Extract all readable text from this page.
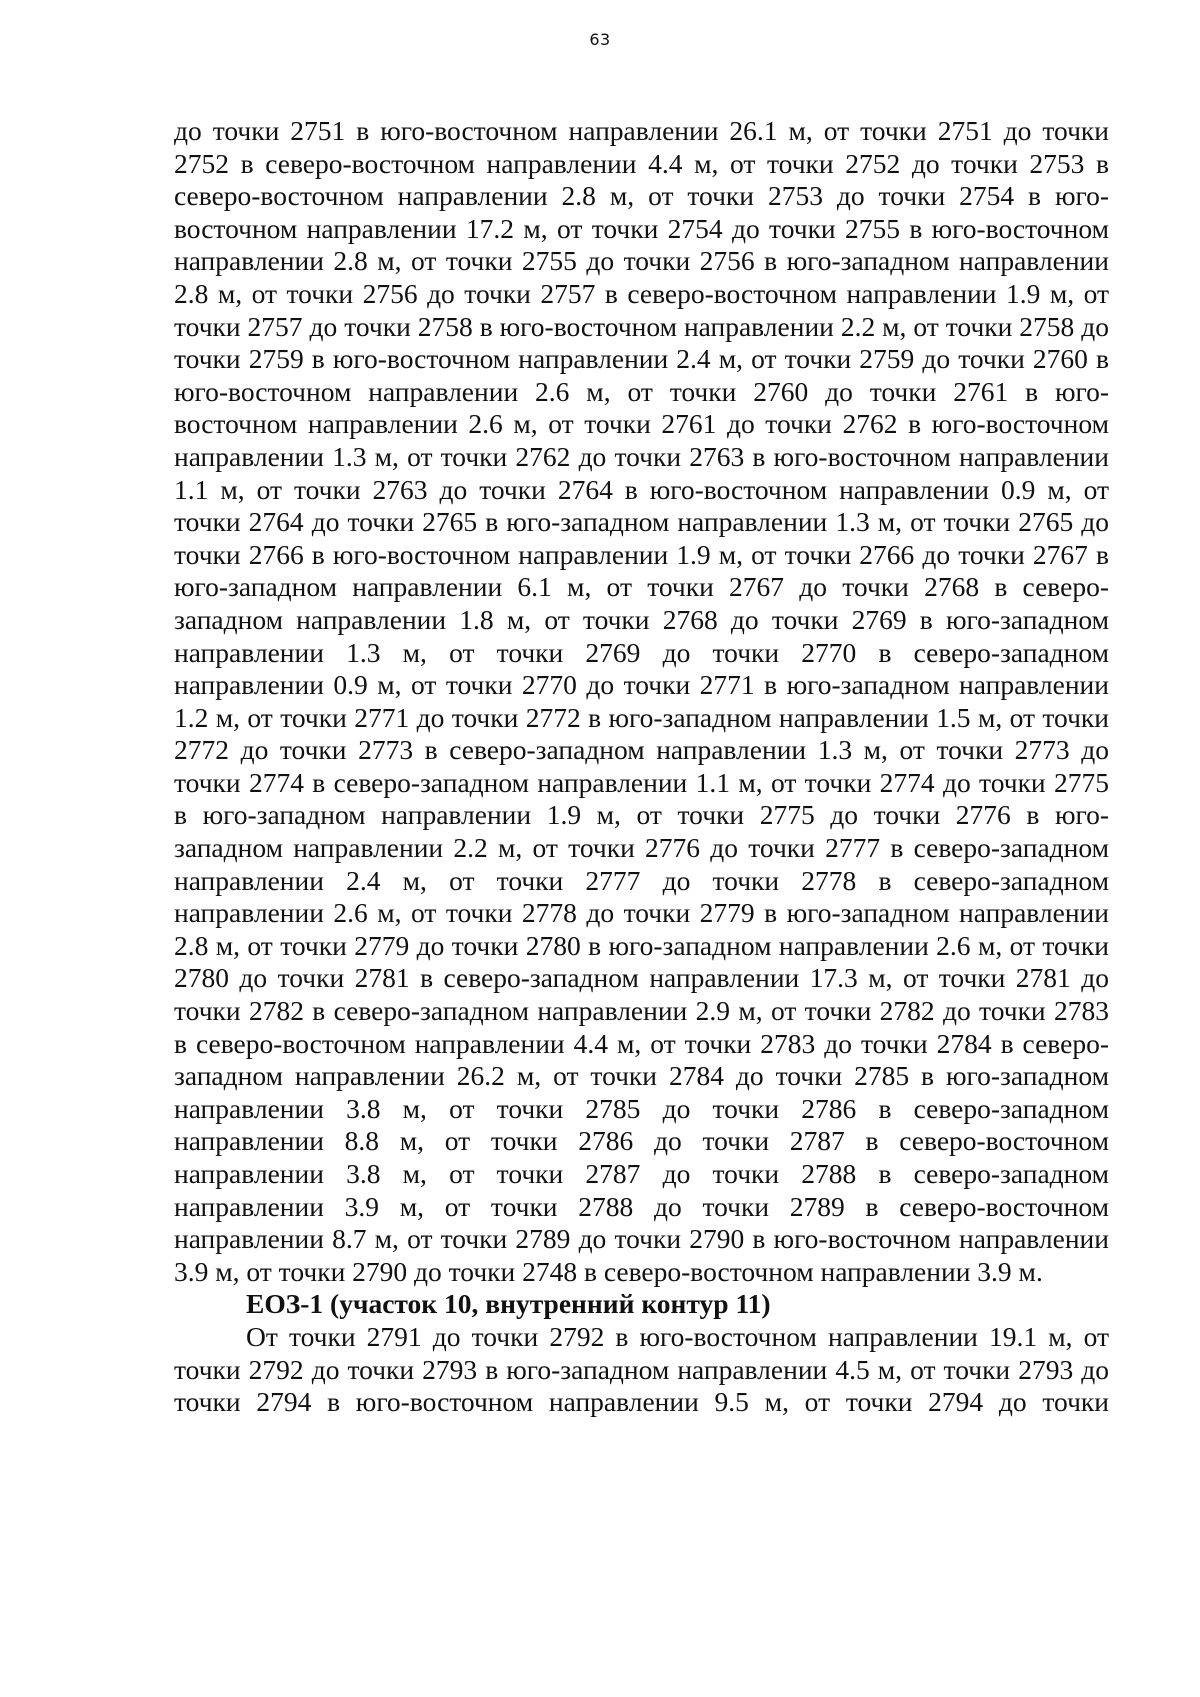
63

до точки 2751 в юго-восточном направлении 26.1 м, от точки 2751 до точки 2752 в северо-восточном направлении 4.4 м, от точки 2752 до точки 2753 в северо-восточном направлении 2.8 м, от точки 2753 до точки 2754 в юго-восточном направлении 17.2 м, от точки 2754 до точки 2755 в юго-восточном направлении 2.8 м, от точки 2755 до точки 2756 в юго-западном направлении 2.8 м, от точки 2756 до точки 2757 в северо-восточном направлении 1.9 м, от точки 2757 до точки 2758 в юго-восточном направлении 2.2 м, от точки 2758 до точки 2759 в юго-восточном направлении 2.4 м, от точки 2759 до точки 2760 в юго-восточном направлении 2.6 м, от точки 2760 до точки 2761 в юго-восточном направлении 2.6 м, от точки 2761 до точки 2762 в юго-восточном направлении 1.3 м, от точки 2762 до точки 2763 в юго-восточном направлении 1.1 м, от точки 2763 до точки 2764 в юго-восточном направлении 0.9 м, от точки 2764 до точки 2765 в юго-западном направлении 1.3 м, от точки 2765 до точки 2766 в юго-восточном направлении 1.9 м, от точки 2766 до точки 2767 в юго-западном направлении 6.1 м, от точки 2767 до точки 2768 в северо-западном направлении 1.8 м, от точки 2768 до точки 2769 в юго-западном направлении 1.3 м, от точки 2769 до точки 2770 в северо-западном направлении 0.9 м, от точки 2770 до точки 2771 в юго-западном направлении 1.2 м, от точки 2771 до точки 2772 в юго-западном направлении 1.5 м, от точки 2772 до точки 2773 в северо-западном направлении 1.3 м, от точки 2773 до точки 2774 в северо-западном направлении 1.1 м, от точки 2774 до точки 2775 в юго-западном направлении 1.9 м, от точки 2775 до точки 2776 в юго-западном направлении 2.2 м, от точки 2776 до точки 2777 в северо-западном направлении 2.4 м, от точки 2777 до точки 2778 в северо-западном направлении 2.6 м, от точки 2778 до точки 2779 в юго-западном направлении 2.8 м, от точки 2779 до точки 2780 в юго-западном направлении 2.6 м, от точки 2780 до точки 2781 в северо-западном направлении 17.3 м, от точки 2781 до точки 2782 в северо-западном направлении 2.9 м, от точки 2782 до точки 2783 в северо-восточном направлении 4.4 м, от точки 2783 до точки 2784 в северо-западном направлении 26.2 м, от точки 2784 до точки 2785 в юго-западном направлении 3.8 м, от точки 2785 до точки 2786 в северо-западном направлении 8.8 м, от точки 2786 до точки 2787 в северо-восточном направлении 3.8 м, от точки 2787 до точки 2788 в северо-западном направлении 3.9 м, от точки 2788 до точки 2789 в северо-восточном направлении 8.7 м, от точки 2789 до точки 2790 в юго-восточном направлении 3.9 м, от точки 2790 до точки 2748 в северо-восточном направлении 3.9 м.

ЕОЗ-1 (участок 10, внутренний контур 11)

От точки 2791 до точки 2792 в юго-восточном направлении 19.1 м, от точки 2792 до точки 2793 в юго-западном направлении 4.5 м, от точки 2793 до точки 2794 в юго-восточном направлении 9.5 м, от точки 2794 до точки
